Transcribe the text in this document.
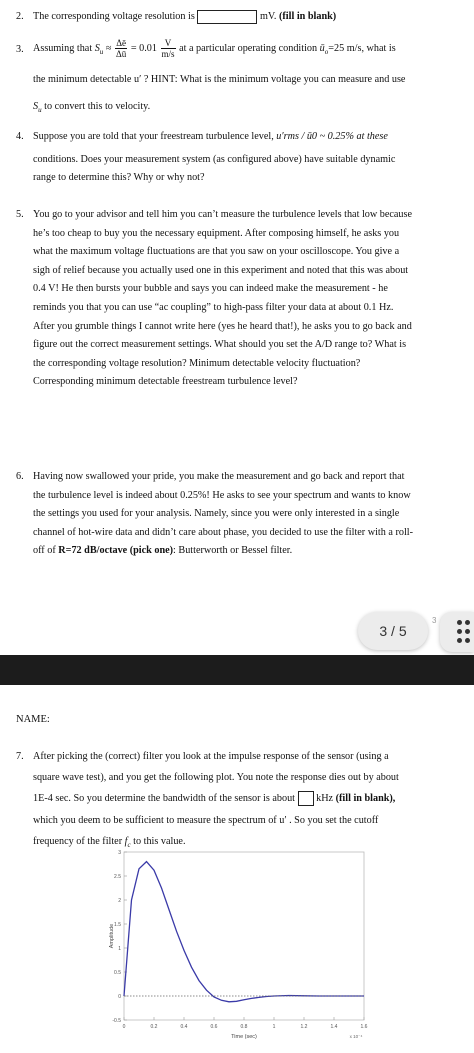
2. The corresponding voltage resolution is	mV. (fill in blank)
3. Assuming that $S_u \approx \frac{\Delta ē}{\Delta ū} = 0.01 \frac{V}{m/s}$ at a particular operating condition $ū_o=25$ m/s, what is

the minimum detectable u′ ? HINT: What is the minimum voltage you can measure and use

$S_u$ to convert this to velocity.

4. Suppose you are told that your freestream turbulence level, u′rms / ū0 ~ 0.25% at these

conditions. Does your measurement system (as configured above) have suitable dynamic

range to determine this? Why or why not?

5. You go to your advisor and tell him you can’t measure the turbulence levels that low because

he’s too cheap to buy you the necessary equipment. After composing himself, he asks you

what the maximum voltage fluctuations are that you saw on your oscilloscope. You give a

sigh of relief because you actually used one in this experiment and noted that this was about

0.4 V! He then bursts your bubble and says you can indeed make the measurement - he

reminds you that you can use “ac coupling” to high-pass filter your data at about 0.1 Hz.

After you grumble things I cannot write here (yes he heard that!), he asks you to go back and

figure out the correct measurement settings. What should you set the A/D range to? What is

the corresponding voltage resolution? Minimum detectable velocity fluctuation?

Corresponding minimum detectable freestream turbulence level?

6. Having now swallowed your pride, you make the measurement and go back and report that

the turbulence level is indeed about 0.25%! He asks to see your spectrum and wants to know

the settings you used for your analysis. Namely, since you were only interested in a single

channel of hot-wire data and didn’t care about phase, you decided to use the filter with a roll-

off of R=72 dB/octave (pick one): Butterworth or Bessel filter.

3 / 5
3
NAME:
7. After picking the (correct) filter you look at the impulse response of the sensor (using a

square wave test), and you get the following plot. You note the response dies out by about

1E-4 sec. So you determine the bandwidth of the sensor is about kHz (fill in blank),

which you deem to be sufficient to measure the spectrum of u′ . So you set the cutoff

frequency of the filter $f_c$ to this value.

0	0.2	0.4	0.6	0.8	1	1.2	1.4	1.6
-0.5
0
0.5
1
1.5
2
2.5
3
Time (sec)	x 10⁻⁴
Amplitude
